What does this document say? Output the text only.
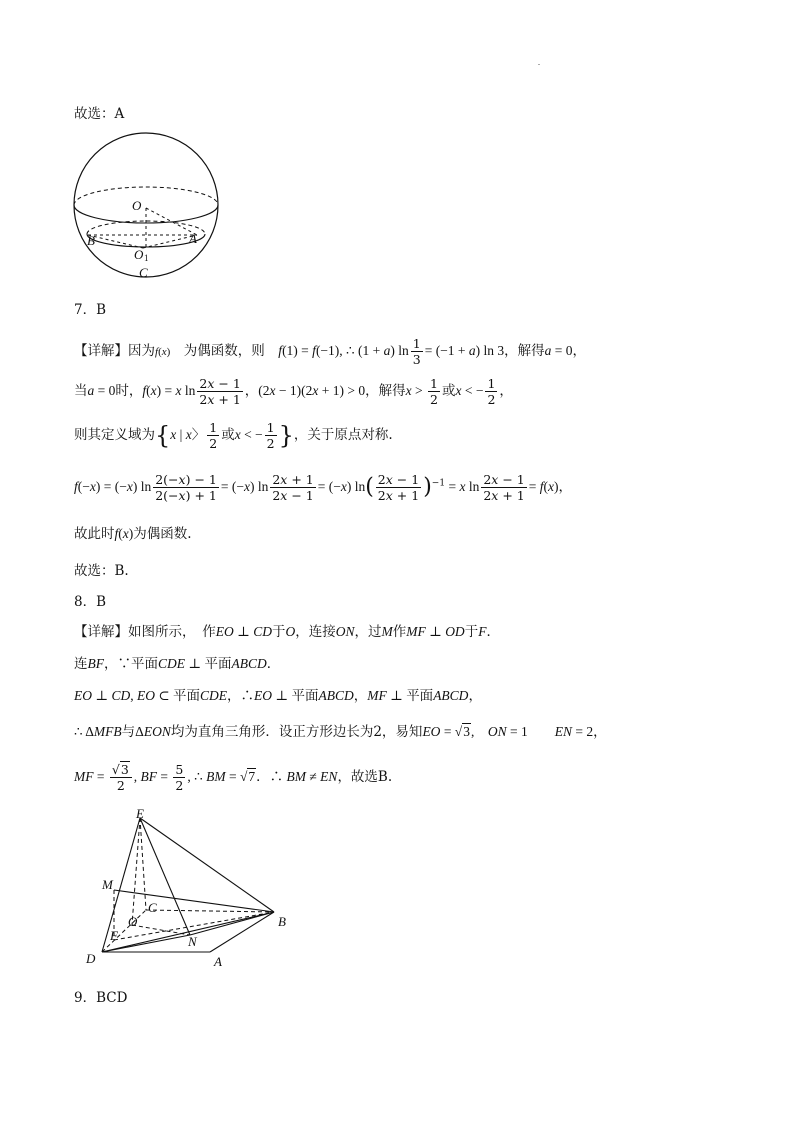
故选：A
O
O 1
A
B
C
7．B
【详解】因为f(x)　 为偶函数，则　 f(1) = f(−1), ∴ (1 + a) $\ln \frac{1}{3} = (-1 + a)$ ln 3，解得a = 0，
当a = 0时，f(x) = x $\ln \frac{2x - 1}{2x + 1}$ ，(2x − 1)(2x + 1) > 0，解得$x > \frac{1}{2}$ 或x < − $\frac{1}{2}$ ，
则其定义域为{x | x〉 $\frac{1}{2}$ 或x < − $\frac{1}{2}$ }，关于原点对称.
f(−x) = (−x) $\ln \frac{2(-x) - 1}{2(-x) + 1} = (-x)$ $\ln \frac{2x + 1}{2x - 1} = (-x)$ $\ln( \frac{2x - 1}{2x + 1} )^{-1} = x$ $\ln \frac{2x - 1}{2x + 1} = f(x)$，
故此时f(x)为偶函数.
故选：B.
8．B
【详解】如图所示，　作EO ⊥ CD于O，连接ON，过M作MF ⊥ OD于F．
连BF，∵平面CDE ⊥ 平面ABCD．
EO ⊥ CD, EO ⊂ 平面CDE，∴EO ⊥ 平面ABCD，MF ⊥ 平面ABCD，
∴ ΔMFB与ΔEON均为直角三角形．设正方形边长为2，易知EO = √3,　ON = 1　　EN = 2，
MF = $\frac{√3}{2}$ , BF = $\frac{5}{2}$ , ∴ BM = √7．∴ BM ≠ EN，故选B.
E
M
C
O
F	N
B
D	A
9．BCD
